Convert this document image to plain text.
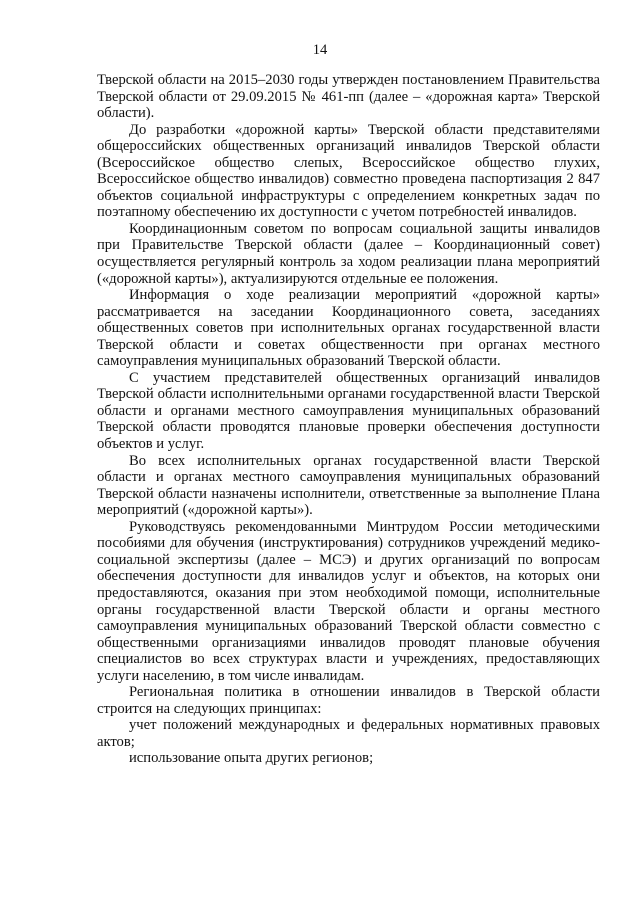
14

Тверской области на 2015–2030 годы утвержден постановлением Правительства Тверской области от 29.09.2015 № 461-пп (далее – «дорожная карта» Тверской области).

До разработки «дорожной карты» Тверской области представителями общероссийских общественных организаций инвалидов Тверской области (Всероссийское общество слепых, Всероссийское общество глухих, Всероссийское общество инвалидов) совместно проведена паспортизация 2 847 объектов социальной инфраструктуры с определением конкретных задач по поэтапному обеспечению их доступности с учетом потребностей инвалидов.

Координационным советом по вопросам социальной защиты инвалидов при Правительстве Тверской области (далее – Координационный совет) осуществляется регулярный контроль за ходом реализации плана мероприятий («дорожной карты»), актуализируются отдельные ее положения.

Информация о ходе реализации мероприятий «дорожной карты» рассматривается на заседании Координационного совета, заседаниях общественных советов при исполнительных органах государственной власти Тверской области и советах общественности при органах местного самоуправления муниципальных образований Тверской области.

С участием представителей общественных организаций инвалидов Тверской области исполнительными органами государственной власти Тверской области и органами местного самоуправления муниципальных образований Тверской области проводятся плановые проверки обеспечения доступности объектов и услуг.

Во всех исполнительных органах государственной власти Тверской области и органах местного самоуправления муниципальных образований Тверской области назначены исполнители, ответственные за выполнение Плана мероприятий («дорожной карты»).

Руководствуясь рекомендованными Минтрудом России методическими пособиями для обучения (инструктирования) сотрудников учреждений медико-социальной экспертизы (далее – МСЭ) и других организаций по вопросам обеспечения доступности для инвалидов услуг и объектов, на которых они предоставляются, оказания при этом необходимой помощи, исполнительные органы государственной власти Тверской области и органы местного самоуправления муниципальных образований Тверской области совместно с общественными организациями инвалидов проводят плановые обучения специалистов во всех структурах власти и учреждениях, предоставляющих услуги населению, в том числе инвалидам.

Региональная политика в отношении инвалидов в Тверской области строится на следующих принципах:

учет положений международных и федеральных нормативных правовых актов;

использование опыта других регионов;
